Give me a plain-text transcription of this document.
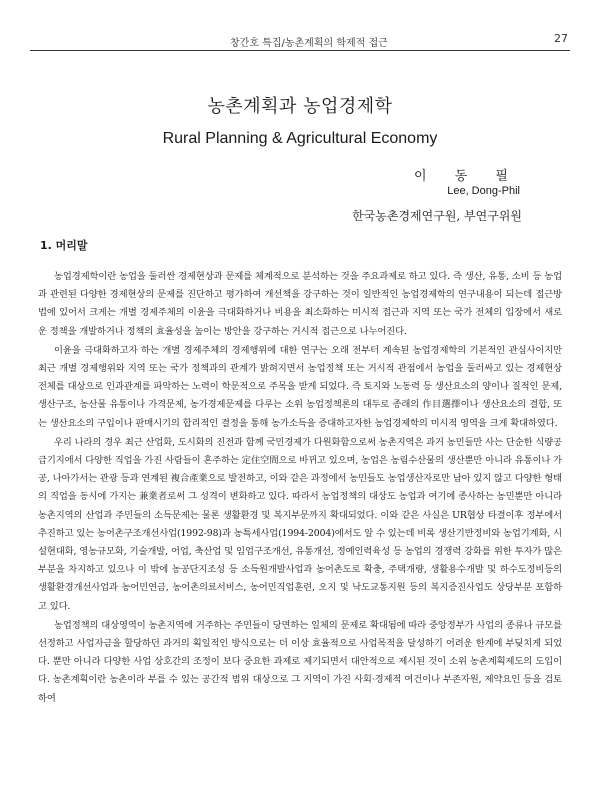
창간호 특집/농촌계획의 학제적 접근	27
농촌계획과 농업경제학
Rural Planning & Agricultural Economy
이 동 필
Lee, Dong-Phil
한국농촌경제연구원, 부연구위원
1. 머리말

농업경제학이란 농업을 둘러싼 경제현상과 문제를 체계적으로 분석하는 것을 주요과제로 하고 있다. 즉 생산, 유통, 소비 등 농업과 관련된 다양한 경제현상의 문제를 진단하고 평가하여 개선책을 강구하는 것이 일반적인 농업경제학의 연구내용이 되는데 접근방법에 있어서 크게는 개별 경제주체의 이윤을 극대화하거나 비용을 최소화하는 미시적 접근과 지역 또는 국가 전체의 입장에서 새로운 정책을 개발하거나 정책의 효율성을 높이는 방안을 강구하는 거시적 접근으로 나누어진다.

이윤을 극대화하고자 하는 개별 경제주체의 경제행위에 대한 연구는 오래 전부터 계속된 농업경제학의 기본적인 관심사이지만 최근 개별 경제행위와 지역 또는 국가 정책과의 관계가 밝혀지면서 농업정책 또는 거시적 관점에서 농업을 둘러싸고 있는 경제현상 전체를 대상으로 인과관계를 파악하는 노력이 학문적으로 주목을 받게 되었다. 즉 토지와 노동력 등 생산요소의 양이나 질적인 문제, 생산구조, 농산물 유통이나 가격문제, 농가경제문제를 다루는 소위 농업정책론의 대두로 종래의 作目選擇이나 생산요소의 결합, 또는 생산요소의 구입이나 판매시기의 합리적인 결정을 통해 농가소득을 증대하고자한 농업경제학의 미시적 영역을 크게 확대하였다.

우리 나라의 경우 최근 산업화, 도시화의 진전과 함께 국민경제가 다원화함으로써 농촌지역은 과거 농민들만 사는 단순한 식량공급기지에서 다양한 직업을 가진 사람들이 혼주하는 定住空間으로 바뀌고 있으며, 농업은 농림수산물의 생산뿐만 아니라 유통이나 가공, 나아가서는 관광 등과 연계된 複合產業으로 발전하고, 이와 같은 과정에서 농민들도 농업생산자로만 남아 있지 않고 다양한 형태의 직업을 동시에 가지는 兼業者로써 그 성격이 변화하고 있다. 따라서 농업정책의 대상도 농업과 여기에 종사하는 농민뿐만 아니라 농촌지역의 산업과 주민들의 소득문제는 물론 생활환경 및 복지부문까지 확대되었다. 이와 같은 사실은 UR협상 타결이후 정부에서 추진하고 있는 농어촌구조개선사업(1992-98)과 농특세사업(1994-2004)에서도 알 수 있는데 비록 생산기반정비와 농업기계화, 시설현대화, 영농규모화, 기술개발, 어업, 축산업 및 임업구조개선, 유통개선, 정예인력육성 등 농업의 경쟁력 강화를 위한 투자가 많은 부분을 차지하고 있으나 이 밖에 농공단지조성 등 소득원개발사업과 농어촌도로 확충, 주택개량, 생활용수개발 및 하수도정비등의 생활환경개선사업과 농어민연금, 농어촌의료서비스, 농어민직업훈련, 오지 및 낙도교통지원 등의 복지증진사업도 상당부분 포함하고 있다.

농업정책의 대상영역이 농촌지역에 거주하는 주민들이 당면하는 일체의 문제로 확대됨에 따라 중앙정부가 사업의 종류나 규모를 선정하고 사업자금을 할당하던 과거의 획일적인 방식으로는 더 이상 효율적으로 사업목적을 달성하기 어려운 한계에 부딪치게 되었다. 뿐만 아니라 다양한 사업 상호간의 조정이 보다 중요한 과제로 제기되면서 대안적으로 제시된 것이 소위 농촌계획제도의 도입이다. 농촌계획이란 농촌이라 부를 수 있는 공간적 범위 대상으로 그 지역이 가진 사회·경제적 여건이나 부존자원, 제약요인 등을 검토하여
